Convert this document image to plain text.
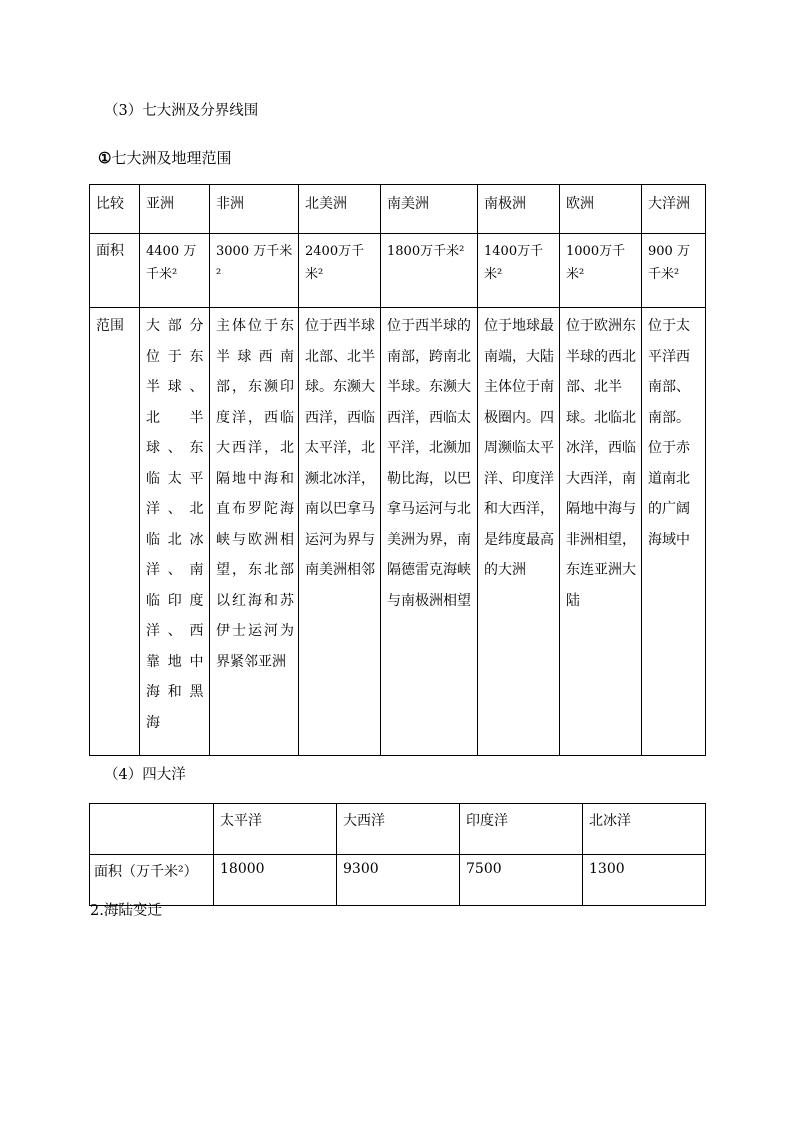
（3）七大洲及分界线围
①七大洲及地理范围
比较	亚洲	非洲	北美洲	南美洲	南极洲	欧洲	大洋洲
面积	4400 万千米²	3000 万千米²	2400万千米²	1800万千米²	1400万千米²	1000万千米²	900 万千米²
范围	大部分位于东半球、北半球、东临太平洋、北临北冰洋、南临印度洋、西靠地中海和黑海	主体位于东半球西南部，东濒印度洋，西临大西洋，北隔地中海和直布罗陀海峡与欧洲相望，东北部以红海和苏伊士运河为界紧邻亚洲	位于西半球北部、北半球。东濒大西洋，西临太平洋，北濒北冰洋，南以巴拿马运河为界与南美洲相邻	位于西半球的南部，跨南北半球。东濒大西洋，西临太平洋，北濒加勒比海，以巴拿马运河与北美洲为界，南隔德雷克海峡与南极洲相望	位于地球最南端，大陆主体位于南极圈内。四周濒临太平洋、印度洋和大西洋，是纬度最高的大洲	位于欧洲东半球的西北部、北半球。北临北冰洋，西临大西洋，南隔地中海与非洲相望，东连亚洲大陆	位于太平洋西南部、南部。位于赤道南北的广阔海域中
（4）四大洋
	太平洋	大西洋	印度洋	北冰洋
面积（万千米²）	18000	9300	7500	1300
2.海陆变迁
